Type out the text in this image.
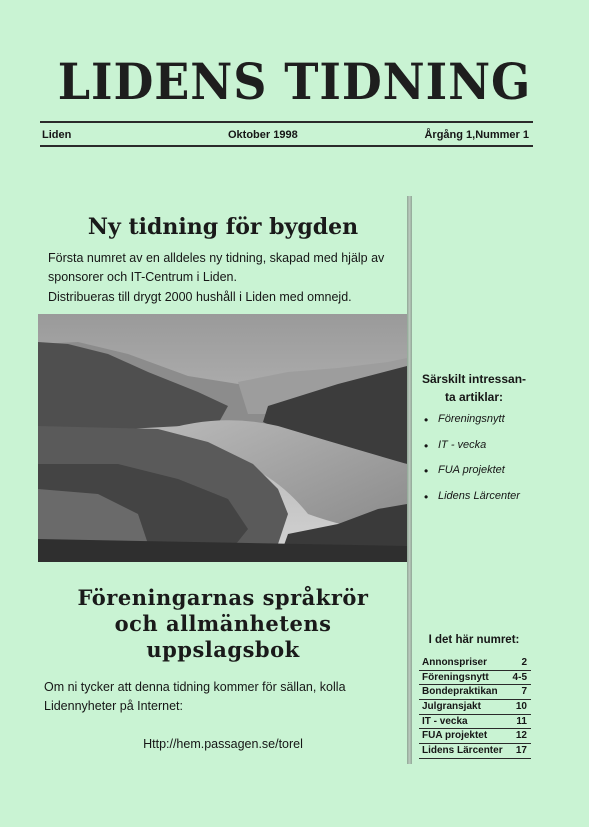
LIDENS TIDNING
Liden	Oktober 1998	Årgång 1,Nummer 1
Ny tidning för bygden

Första numret av en alldeles ny tidning, skapad med hjälp av sponsorer och IT-Centrum i Liden.

Distribueras till drygt 2000 hushåll i Liden med omnejd.

Särskilt intressan-
ta artiklar:
• Föreningsnytt
• IT - vecka
• FUA projektet
• Lidens Lärcenter
Föreningarnas språkrör
och allmänhetens
uppslagsbok

Om ni tycker att denna tidning kommer för sällan, kolla Lidennyheter på Internet:

Http://hem.passagen.se/torel
I det här numret:
Annonspriser	2
Föreningsnytt 4-5
Bondepraktikan 7
Julgransjakt	10
IT - vecka	11
FUA projektet	12
Lidens Lärcenter 17
